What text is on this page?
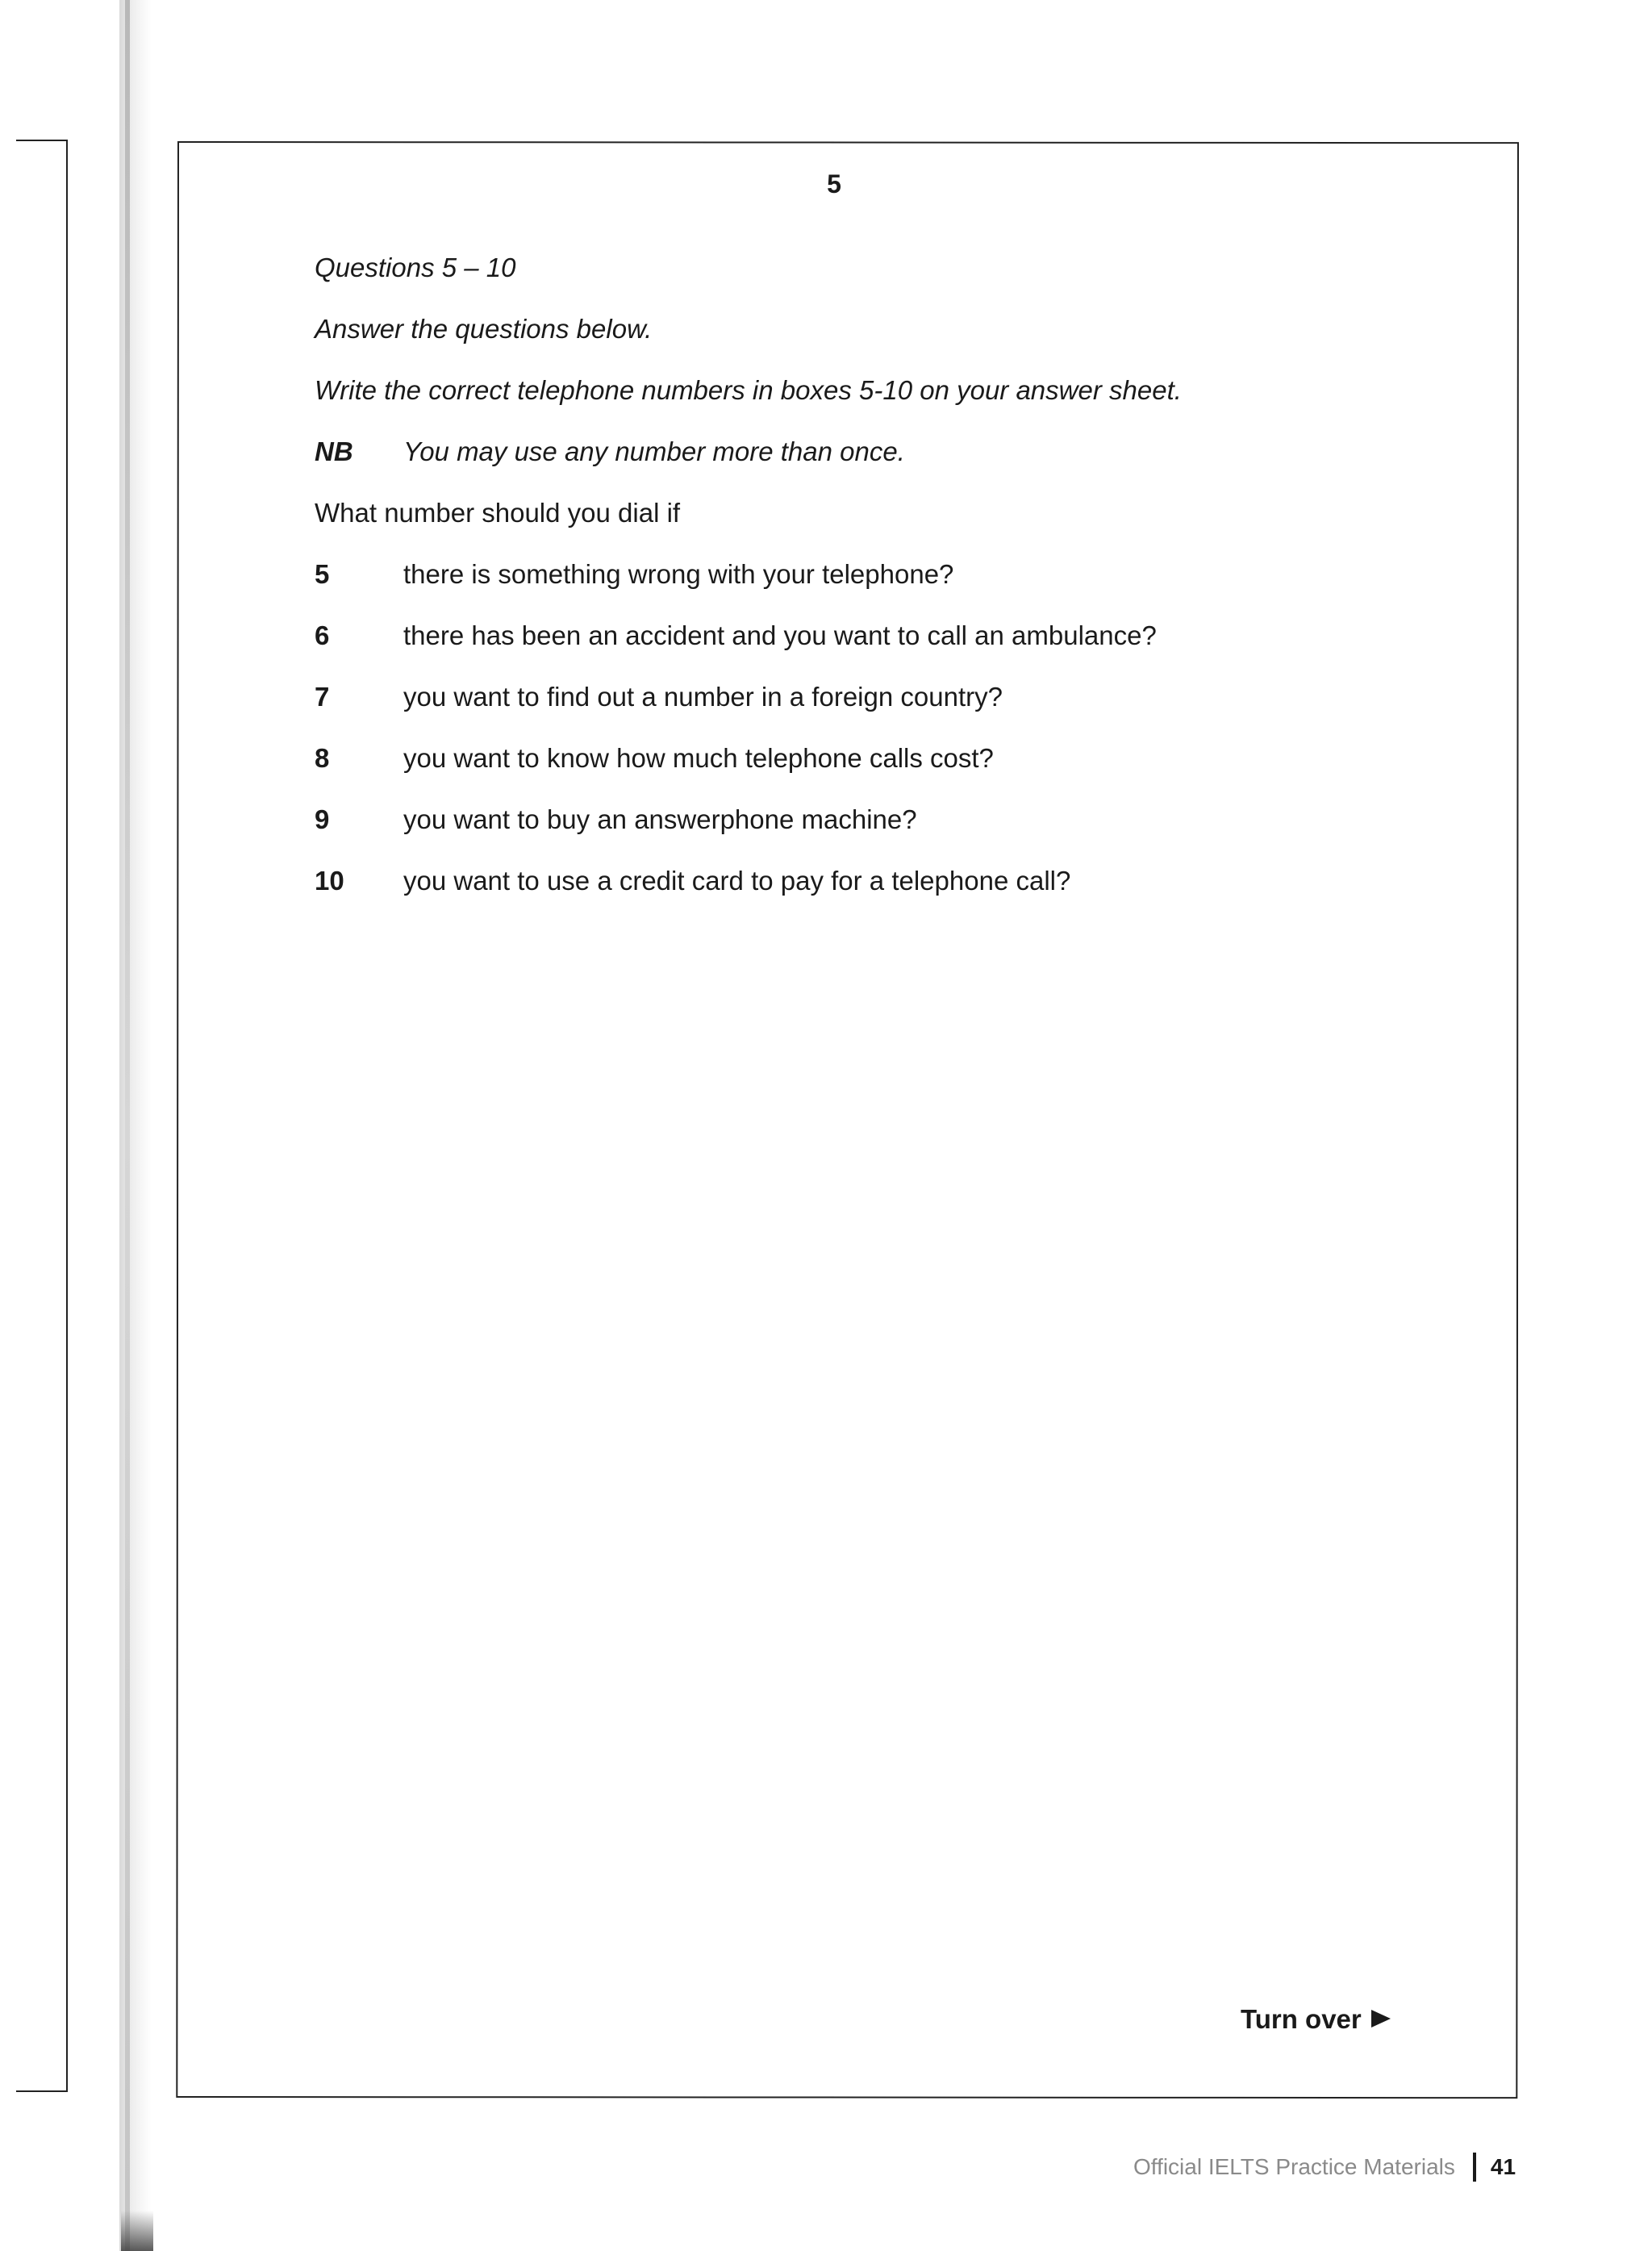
5

Questions 5 – 10

Answer the questions below.

Write the correct telephone numbers in boxes 5-10 on your answer sheet.

NB	You may use any number more than once.

What number should you dial if

5	there is something wrong with your telephone?
6	there has been an accident and you want to call an ambulance?
7	you want to find out a number in a foreign country?
8	you want to know how much telephone calls cost?
9	you want to buy an answerphone machine?
10	you want to use a credit card to pay for a telephone call?
Turn over
Official IELTS Practice Materials 41
